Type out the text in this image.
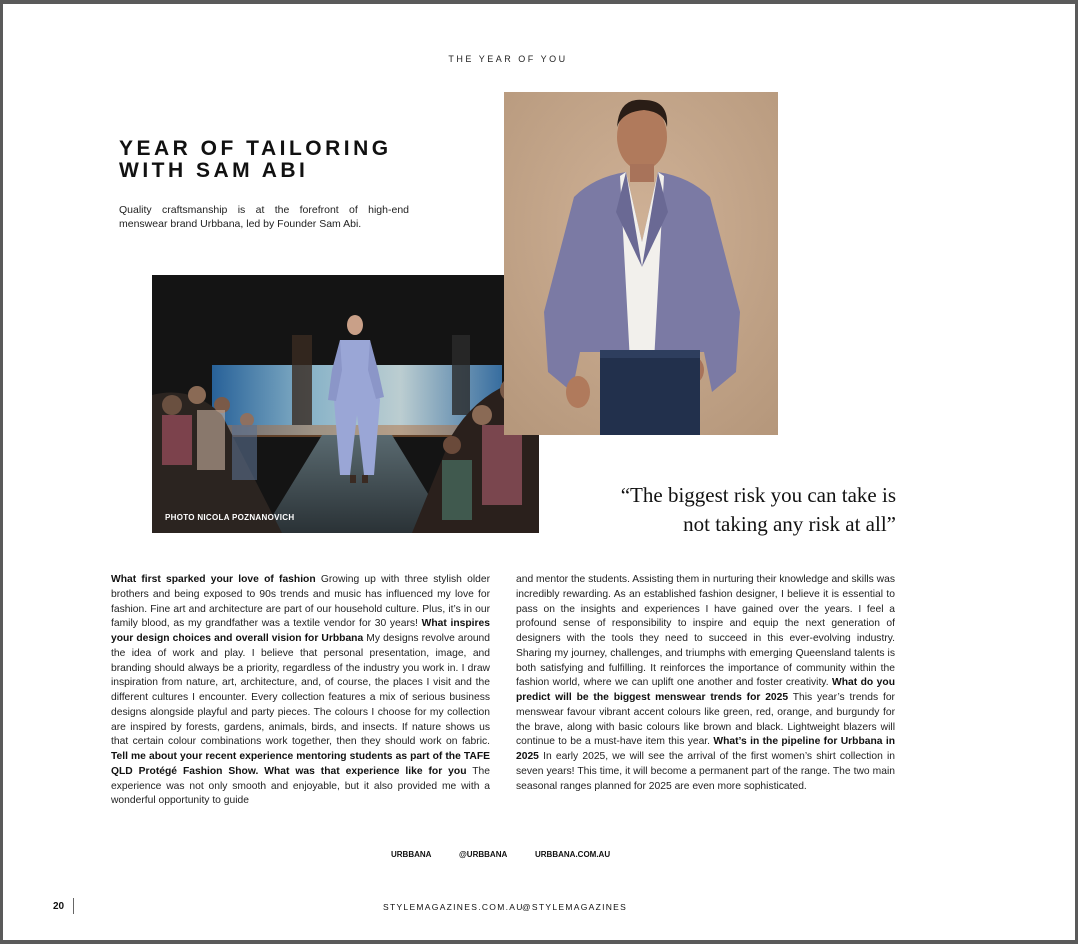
THE YEAR OF YOU
YEAR OF TAILORING
WITH SAM ABI
Quality craftsmanship is at the forefront of high-end
menswear brand Urbbana, led by Founder Sam Abi.
PHOTO NICOLA POZNANOVICH
“The biggest risk you can take is
not taking any risk at all”
What first sparked your love of fashion Growing up with three stylish older brothers and being exposed to 90s trends and music has influenced my love for fashion. Fine art and architecture are part of our household culture. Plus, it’s in our family blood, as my grandfather was a textile vendor for 30 years! What inspires your design choices and overall vision for Urbbana My designs revolve around the idea of work and play. I believe that personal presentation, image, and branding should always be a priority, regardless of the industry you work in. I draw inspiration from nature, art, architecture, and, of course, the places I visit and the different cultures I encounter. Every collection features a mix of serious business designs alongside playful and party pieces. The colours I choose for my collection are inspired by forests, gardens, animals, birds, and insects. If nature shows us that certain colour combinations work together, then they should work on fabric. Tell me about your recent experience mentoring students as part of the TAFE QLD Protégé Fashion Show. What was that experience like for you The experience was not only smooth and enjoyable, but it also provided me with a wonderful opportunity to guide
and mentor the students. Assisting them in nurturing their knowledge and skills was incredibly rewarding. As an established fashion designer, I believe it is essential to pass on the insights and experiences I have gained over the years. I feel a profound sense of responsibility to inspire and equip the next generation of designers with the tools they need to succeed in this ever-evolving industry. Sharing my journey, challenges, and triumphs with emerging Queensland talents is both satisfying and fulfilling. It reinforces the importance of community within the fashion world, where we can uplift one another and foster creativity. What do you predict will be the biggest menswear trends for 2025 This year’s trends for menswear favour vibrant accent colours like green, red, orange, and burgundy for the brave, along with basic colours like brown and black. Lightweight blazers will continue to be a must-have item this year. What’s in the pipeline for Urbbana in 2025 In early 2025, we will see the arrival of the first women’s shirt collection in seven years! This time, it will become a permanent part of the range. The two main seasonal ranges planned for 2025 are even more sophisticated.
URBBANA	@URBBANA	URBBANA.COM.AU
20	STYLEMAGAZINES.COM.AU
@STYLEMAGAZINES
